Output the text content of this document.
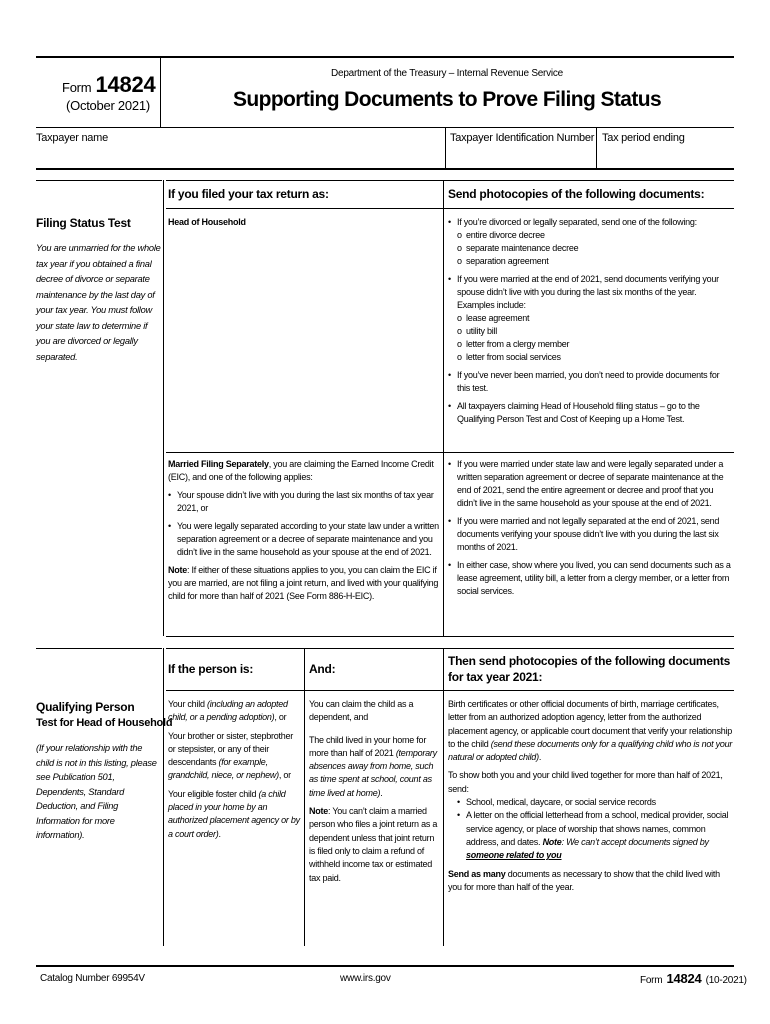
Form 14824
(October 2021)
Department of the Treasury – Internal Revenue Service
Supporting Documents to Prove Filing Status
Taxpayer name	Taxpayer Identification Number Tax period ending
If you filed your tax return as:	Send photocopies of the following documents:
Filing Status Test
You are unmarried for the whole tax year if you obtained a final decree of divorce or separate maintenance by the last day of your tax year. You must follow your state law to determine if you are divorced or legally separated.
Head of Household
•	If you’re divorced or legally separated, send one of the following:
o entire divorce decree
o separate maintenance decree
o separation agreement
• If you were married at the end of 2021, send documents verifying your spouse didn’t live with you during the last six months of the year. Examples include:
o lease agreement
o utility bill
o letter from a clergy member
o letter from social services
• If you’ve never been married, you don’t need to provide documents for this test.
• All taxpayers claiming Head of Household filing status – go to the Qualifying Person Test and Cost of Keeping up a Home Test.

Married Filing Separately, you are claiming the Earned Income Credit (EIC), and one of the following applies:

• Your spouse didn’t live with you during the last six months of tax year 2021, or
• You were legally separated according to your state law under a written separation agreement or a decree of separate maintenance and you didn’t live in the same household as your spouse at the end of 2021.

Note: If either of these situations applies to you, you can claim the EIC if you are married, are not filing a joint return, and lived with your qualifying child for more than half of 2021 (See Form 886-H-EIC).

• If you were married under state law and were legally separated under a written separation agreement or decree of separate maintenance at the end of 2021, send the entire agreement or decree and proof that you didn’t live in the same household as your spouse at the end of 2021.
• If you were married and not legally separated at the end of 2021, send documents verifying your spouse didn’t live with you during the last six months of 2021.
• In either case, show where you lived, you can send documents such as a lease agreement, utility bill, a letter from a clergy member, or a letter from social services.
If the person is:	And:
Then send photocopies of the following documents for tax year 2021:
Qualifying Person
Test for Head of Household
(If your relationship with the child is not in this listing, please see Publication 501, Dependents, Standard Deduction, and Filing Information for more information).

Your child (including an adopted child, or a pending adoption), or

Your brother or sister, stepbrother or stepsister, or any of their descendants (for example, grandchild, niece, or nephew), or

Your eligible foster child (a child placed in your home by an authorized placement agency or by a court order).

You can claim the child as a dependent, and

The child lived in your home for more than half of 2021 (temporary absences away from home, such as time spent at school, count as time lived at home).

Note: You can’t claim a married person who files a joint return as a dependent unless that joint return is filed only to claim a refund of withheld income tax or estimated tax paid.

Birth certificates or other official documents of birth, marriage certificates, letter from an authorized adoption agency, letter from the authorized placement agency, or applicable court document that verify your relationship to the child (send these documents only for a qualifying child who is not your natural or adopted child).

To show both you and your child lived together for more than half of 2021, send:

• School, medical, daycare, or social service records
• A letter on the official letterhead from a school, medical provider, social service agency, or place of worship that shows names, common address, and dates. Note: We can’t accept documents signed by someone related to you

Send as many documents as necessary to show that the child lived with you for more than half of the year.

Catalog Number 69954V	www.irs.gov	Form 14824 (10-2021)
